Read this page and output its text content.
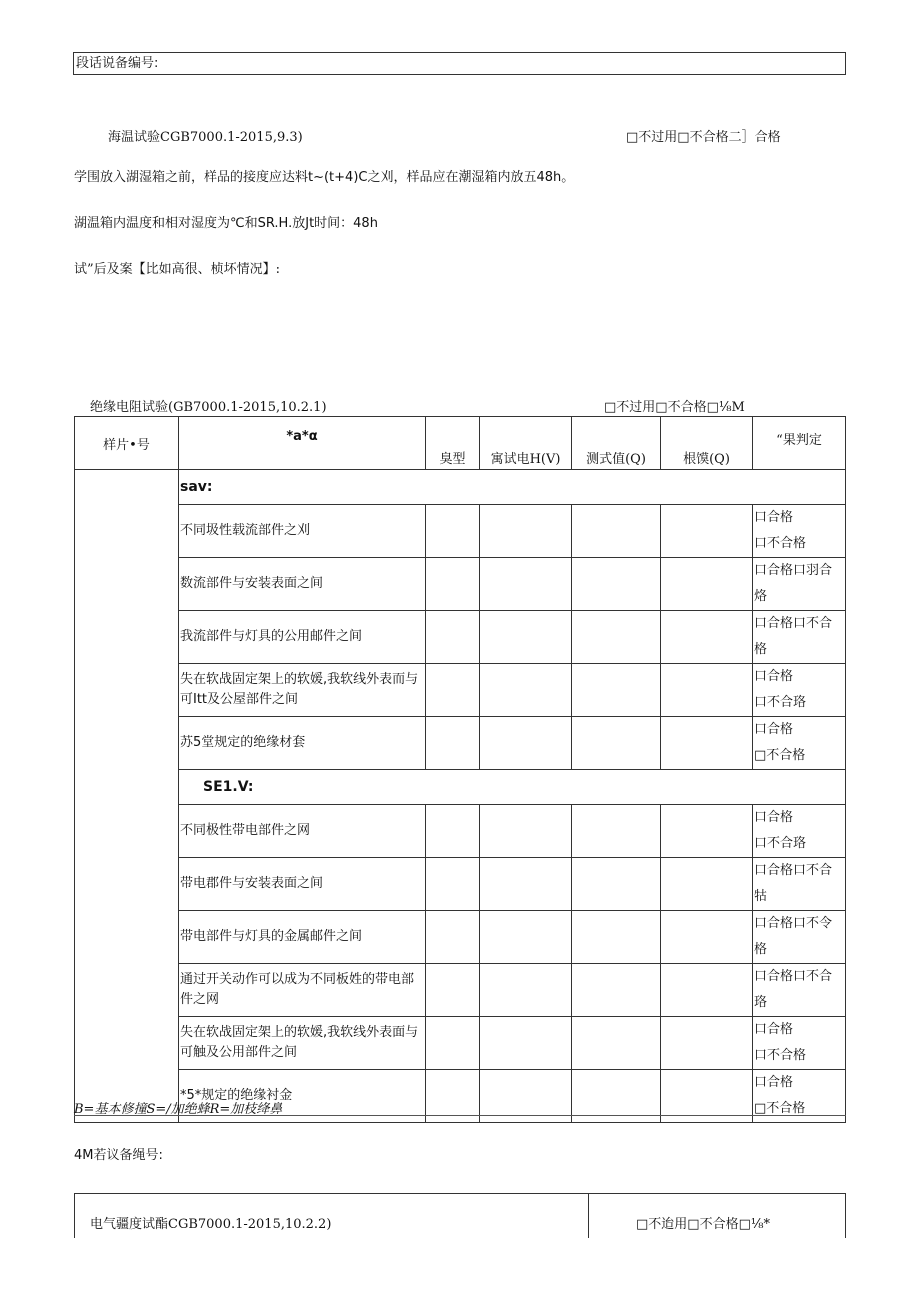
段话说备编号:
海温试验CGB7000.1-2015,9.3)	□不过用□不合格二］合格
学围放入湖湿箱之前，样品的接度应达料t~(t+4)C之刈，样品应在潮湿箱内放五48h。
湖温箱内温度和相对湿度为℃和SR.H.放Jt时间：48h
试”后及案【比如高很、桢坏情况】:
绝缘电阻试验(GB7000.1-2015,10.2.1)	□不过用□不合格□⅛M
样片•号	*a*α	臭型	寓试电H(V)	测式值(Q)	根馍(Q)	“果判定
	sav:					
	不同圾性载流部件之刈					口合格
口不合格
	数流部件与安装表面之间					口合格口羽合
烙
	我流部件与灯具的公用邮件之间					口合格口不合
格
	失在软战固定架上的软媛,我软线外表而与可Itt及公屋部件之间					口合格
口不合珞
	苏5堂规定的绝缘材套					口合格
□不合格
	SE1.V:					
	不同极性带电部件之网					口合格
口不合珞
	带电郡件与安装表面之间					口合格口不合
牯
	带电部件与灯具的金属邮件之间					口合格口不令
格
	通过开关动作可以成为不同板姓的带电部件之网					口合格口不合
珞
	失在软战固定架上的软媛,我软线外表面与可触及公用部件之间					口合格
口不合格
	*5*规定的绝缘衬金					口合格
□不合格
B=基本修撞S=/加绝蜂R=加枝绛鼻
4M若议备绳号:
电气疆度试酯CGB7000.1-2015,10.2.2)	□不迨用□不合格□⅛*
